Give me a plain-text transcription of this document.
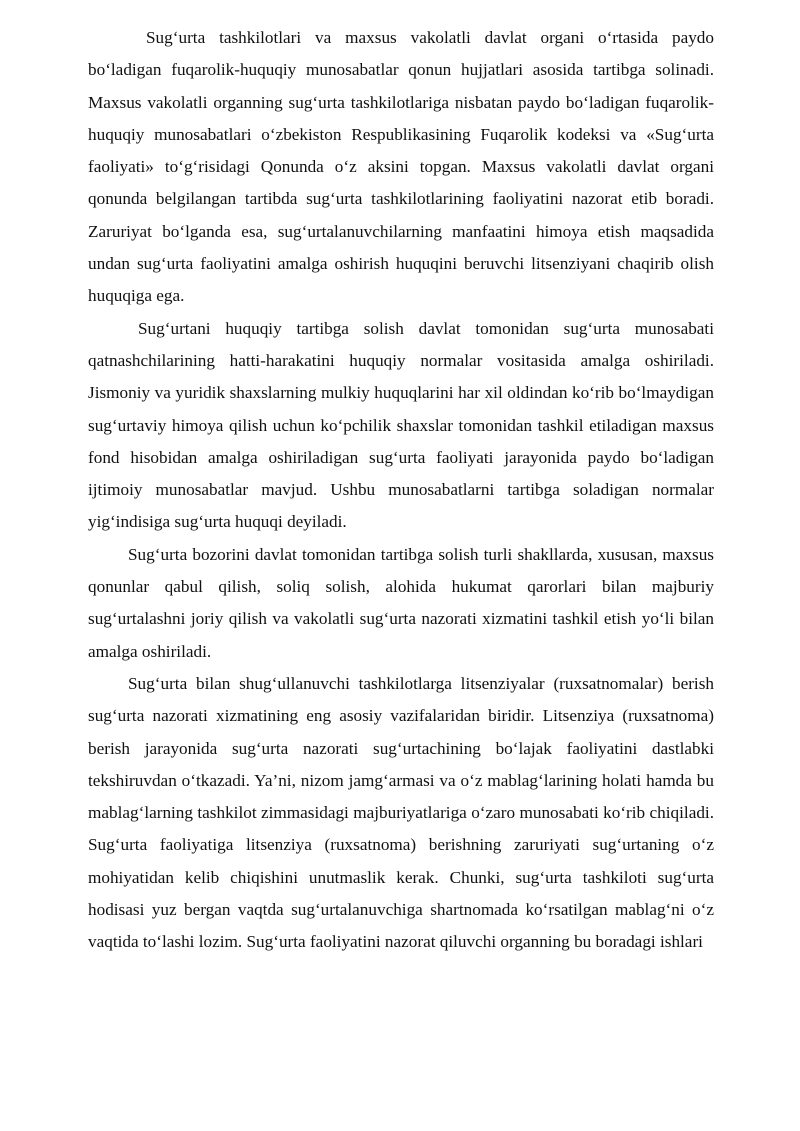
Sug‘urta tashkilotlari va maxsus vakolatli davlat organi o‘rtasida paydo bo‘ladigan fuqarolik-huquqiy munosabatlar qonun hujjatlari asosida tartibga solinadi. Maxsus vakolatli organning sug‘urta tashkilotlariga nisbatan paydo bo‘ladigan fuqarolik-huquqiy munosabatlari o‘zbekiston Respublikasining Fuqarolik kodeksi va «Sug‘urta faoliyati» to‘g‘risidagi Qonunda o‘z aksini topgan. Maxsus vakolatli davlat organi qonunda belgilangan tartibda sug‘urta tashkilotlarining faoliyatini nazorat etib boradi. Zaruriyat bo‘lganda esa, sug‘urtalanuvchilarning manfaatini himoya etish maqsadida undan sug‘urta faoliyatini amalga oshirish huquqini beruvchi litsenziyani chaqirib olish huquqiga ega.

Sug‘urtani huquqiy tartibga solish davlat tomonidan sug‘urta munosabati qatnashchilarining hatti-harakatini huquqiy normalar vositasida amalga oshiriladi. Jismoniy va yuridik shaxslarning mulkiy huquqlarini har xil oldindan ko‘rib bo‘lmaydigan sug‘urtaviy himoya qilish uchun ko‘pchilik shaxslar tomonidan tashkil etiladigan maxsus fond hisobidan amalga oshiriladigan sug‘urta faoliyati jarayonida paydo bo‘ladigan ijtimoiy munosabatlar mavjud. Ushbu munosabatlarni tartibga soladigan normalar yig‘indisiga sug‘urta huquqi deyiladi.

Sug‘urta bozorini davlat tomonidan tartibga solish turli shakllarda, xususan, maxsus qonunlar qabul qilish, soliq solish, alohida hukumat qarorlari bilan majburiy sug‘urtalashni joriy qilish va vakolatli sug‘urta nazorati xizmatini tashkil etish yo‘li bilan amalga oshiriladi.

Sug‘urta bilan shug‘ullanuvchi tashkilotlarga litsenziyalar (ruxsatnomalar) berish sug‘urta nazorati xizmatining eng asosiy vazifalaridan biridir. Litsenziya (ruxsatnoma) berish jarayonida sug‘urta nazorati sug‘urtachining bo‘lajak faoliyatini dastlabki tekshiruvdan o‘tkazadi. Ya’ni, nizom jamg‘armasi va o‘z mablag‘larining holati hamda bu mablag‘larning tashkilot zimmasidagi majburiyatlariga o‘zaro munosabati ko‘rib chiqiladi. Sug‘urta faoliyatiga litsenziya (ruxsatnoma) berishning zaruriyati sug‘urtaning o‘z mohiyatidan kelib chiqishini unutmaslik kerak. Chunki, sug‘urta tashkiloti sug‘urta hodisasi yuz bergan vaqtda sug‘urtalanuvchiga shartnomada ko‘rsatilgan mablag‘ni o‘z vaqtida to‘lashi lozim. Sug‘urta faoliyatini nazorat qiluvchi organning bu boradagi ishlari
